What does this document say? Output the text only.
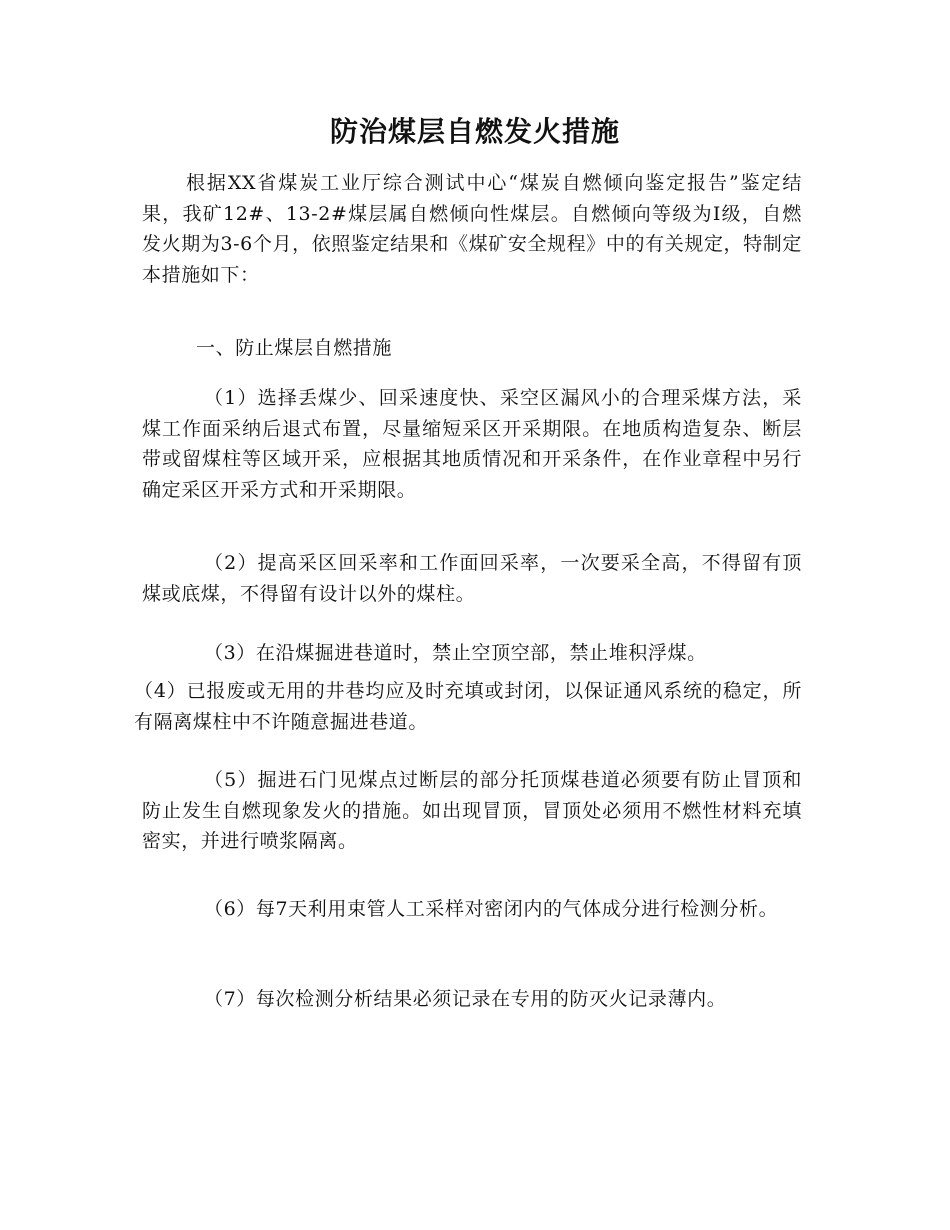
防治煤层自燃发火措施

根据XX省煤炭工业厅综合测试中心“煤炭自燃倾向鉴定报告”鉴定结果，我矿12#、13-2#煤层属自燃倾向性煤层。自燃倾向等级为I级，自燃发火期为3-6个月，依照鉴定结果和《煤矿安全规程》中的有关规定，特制定本措施如下：

一、防止煤层自燃措施

（1）选择丢煤少、回采速度快、采空区漏风小的合理采煤方法，采煤工作面采纳后退式布置，尽量缩短采区开采期限。在地质构造复杂、断层带或留煤柱等区域开采，应根据其地质情况和开采条件，在作业章程中另行确定采区开采方式和开采期限。

（2）提高采区回采率和工作面回采率，一次要采全高，不得留有顶煤或底煤，不得留有设计以外的煤柱。

（3）在沿煤掘进巷道时，禁止空顶空部，禁止堆积浮煤。

（4）已报废或无用的井巷均应及时充填或封闭，以保证通风系统的稳定，所有隔离煤柱中不许随意掘进巷道。

（5）掘进石门见煤点过断层的部分托顶煤巷道必须要有防止冒顶和防止发生自燃现象发火的措施。如出现冒顶，冒顶处必须用不燃性材料充填密实，并进行喷浆隔离。

（6）每7天利用束管人工采样对密闭内的气体成分进行检测分析。

（7）每次检测分析结果必须记录在专用的防灭火记录薄内。
